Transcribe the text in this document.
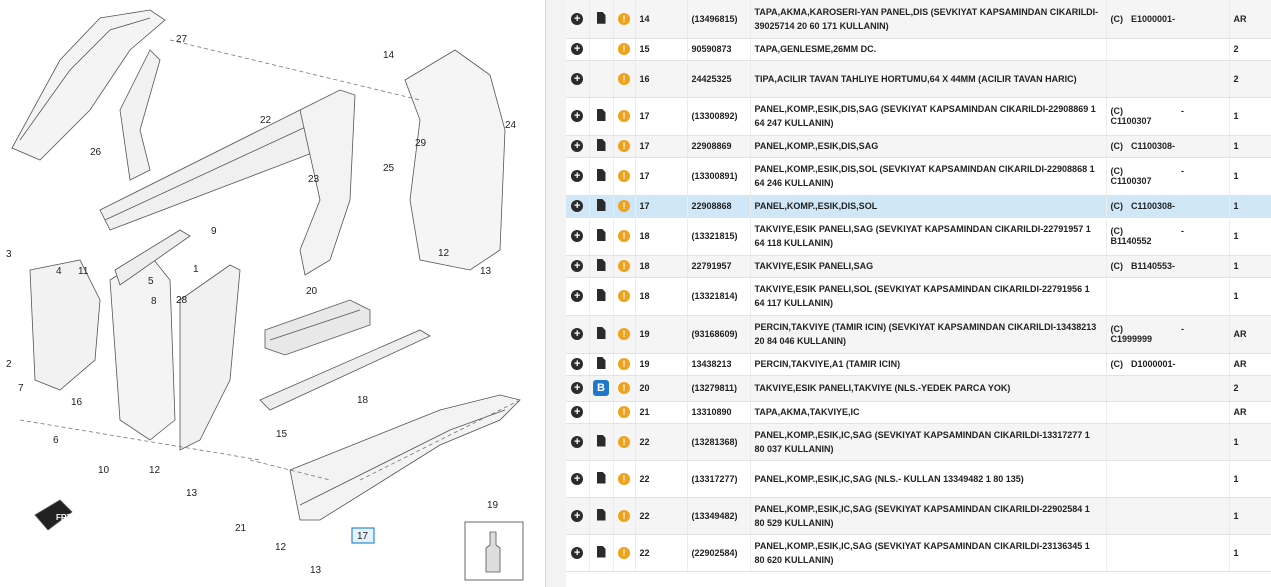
27
14
26
22	24
29
25
23
9
12
13
3
4 11	1
5
20
8 28
2
7
16	18
6
15
10	12
13
19
21
12
13
FRT
17
+		!	14	(13496815)	TAPA,AKMA,KAROSERI-YAN PANEL,DIS (SEVKIYAT KAPSAMINDAN CIKARILDI-39025714 20 60 171 KULLANIN)	(C) E1000001-	AR
+		!	15	90590873	TAPA,GENLESME,26MM DC.		2
+		!	16	24425325	TIPA,ACILIR TAVAN TAHLIYE HORTUMU,64 X 44MM (ACILIR TAVAN HARIC)		2
+		!	17	(13300892)	PANEL,KOMP.,ESIK,DIS,SAG (SEVKIYAT KAPSAMINDAN CIKARILDI-22908869 1 64 247 KULLANIN)	(C) -C1100307	1
+		!	17	22908869	PANEL,KOMP.,ESIK,DIS,SAG	(C) C1100308-	1
+		!	17	(13300891)	PANEL,KOMP.,ESIK,DIS,SOL (SEVKIYAT KAPSAMINDAN CIKARILDI-22908868 1 64 246 KULLANIN)	(C) -C1100307	1
+		!	17	22908868	PANEL,KOMP.,ESIK,DIS,SOL	(C) C1100308-	1
+		!	18	(13321815)	TAKVIYE,ESIK PANELI,SAG (SEVKIYAT KAPSAMINDAN CIKARILDI-22791957 1 64 118 KULLANIN)	(C) -B1140552	1
+		!	18	22791957	TAKVIYE,ESIK PANELI,SAG	(C) B1140553-	1
+		!	18	(13321814)	TAKVIYE,ESIK PANELI,SOL (SEVKIYAT KAPSAMINDAN CIKARILDI-22791956 1 64 117 KULLANIN)		1
+		!	19	(93168609)	PERCIN,TAKVIYE (TAMIR ICIN) (SEVKIYAT KAPSAMINDAN CIKARILDI-13438213 20 84 046 KULLANIN)	(C) -C1999999	AR
+		!	19	13438213	PERCIN,TAKVIYE,A1 (TAMIR ICIN)	(C) D1000001-	AR
+	B	!	20	(13279811)	TAKVIYE,ESIK PANELI,TAKVIYE (NLS.-YEDEK PARCA YOK)		2
+		!	21	13310890	TAPA,AKMA,TAKVIYE,IC		AR
+		!	22	(13281368)	PANEL,KOMP.,ESIK,IC,SAG (SEVKIYAT KAPSAMINDAN CIKARILDI-13317277 1 80 037 KULLANIN)		1
+		!	22	(13317277)	PANEL,KOMP.,ESIK,IC,SAG (NLS.- KULLAN 13349482 1 80 135)		1
+		!	22	(13349482)	PANEL,KOMP.,ESIK,IC,SAG (SEVKIYAT KAPSAMINDAN CIKARILDI-22902584 1 80 529 KULLANIN)		1
+		!	22	(22902584)	PANEL,KOMP.,ESIK,IC,SAG (SEVKIYAT KAPSAMINDAN CIKARILDI-23136345 1 80 620 KULLANIN)		1
